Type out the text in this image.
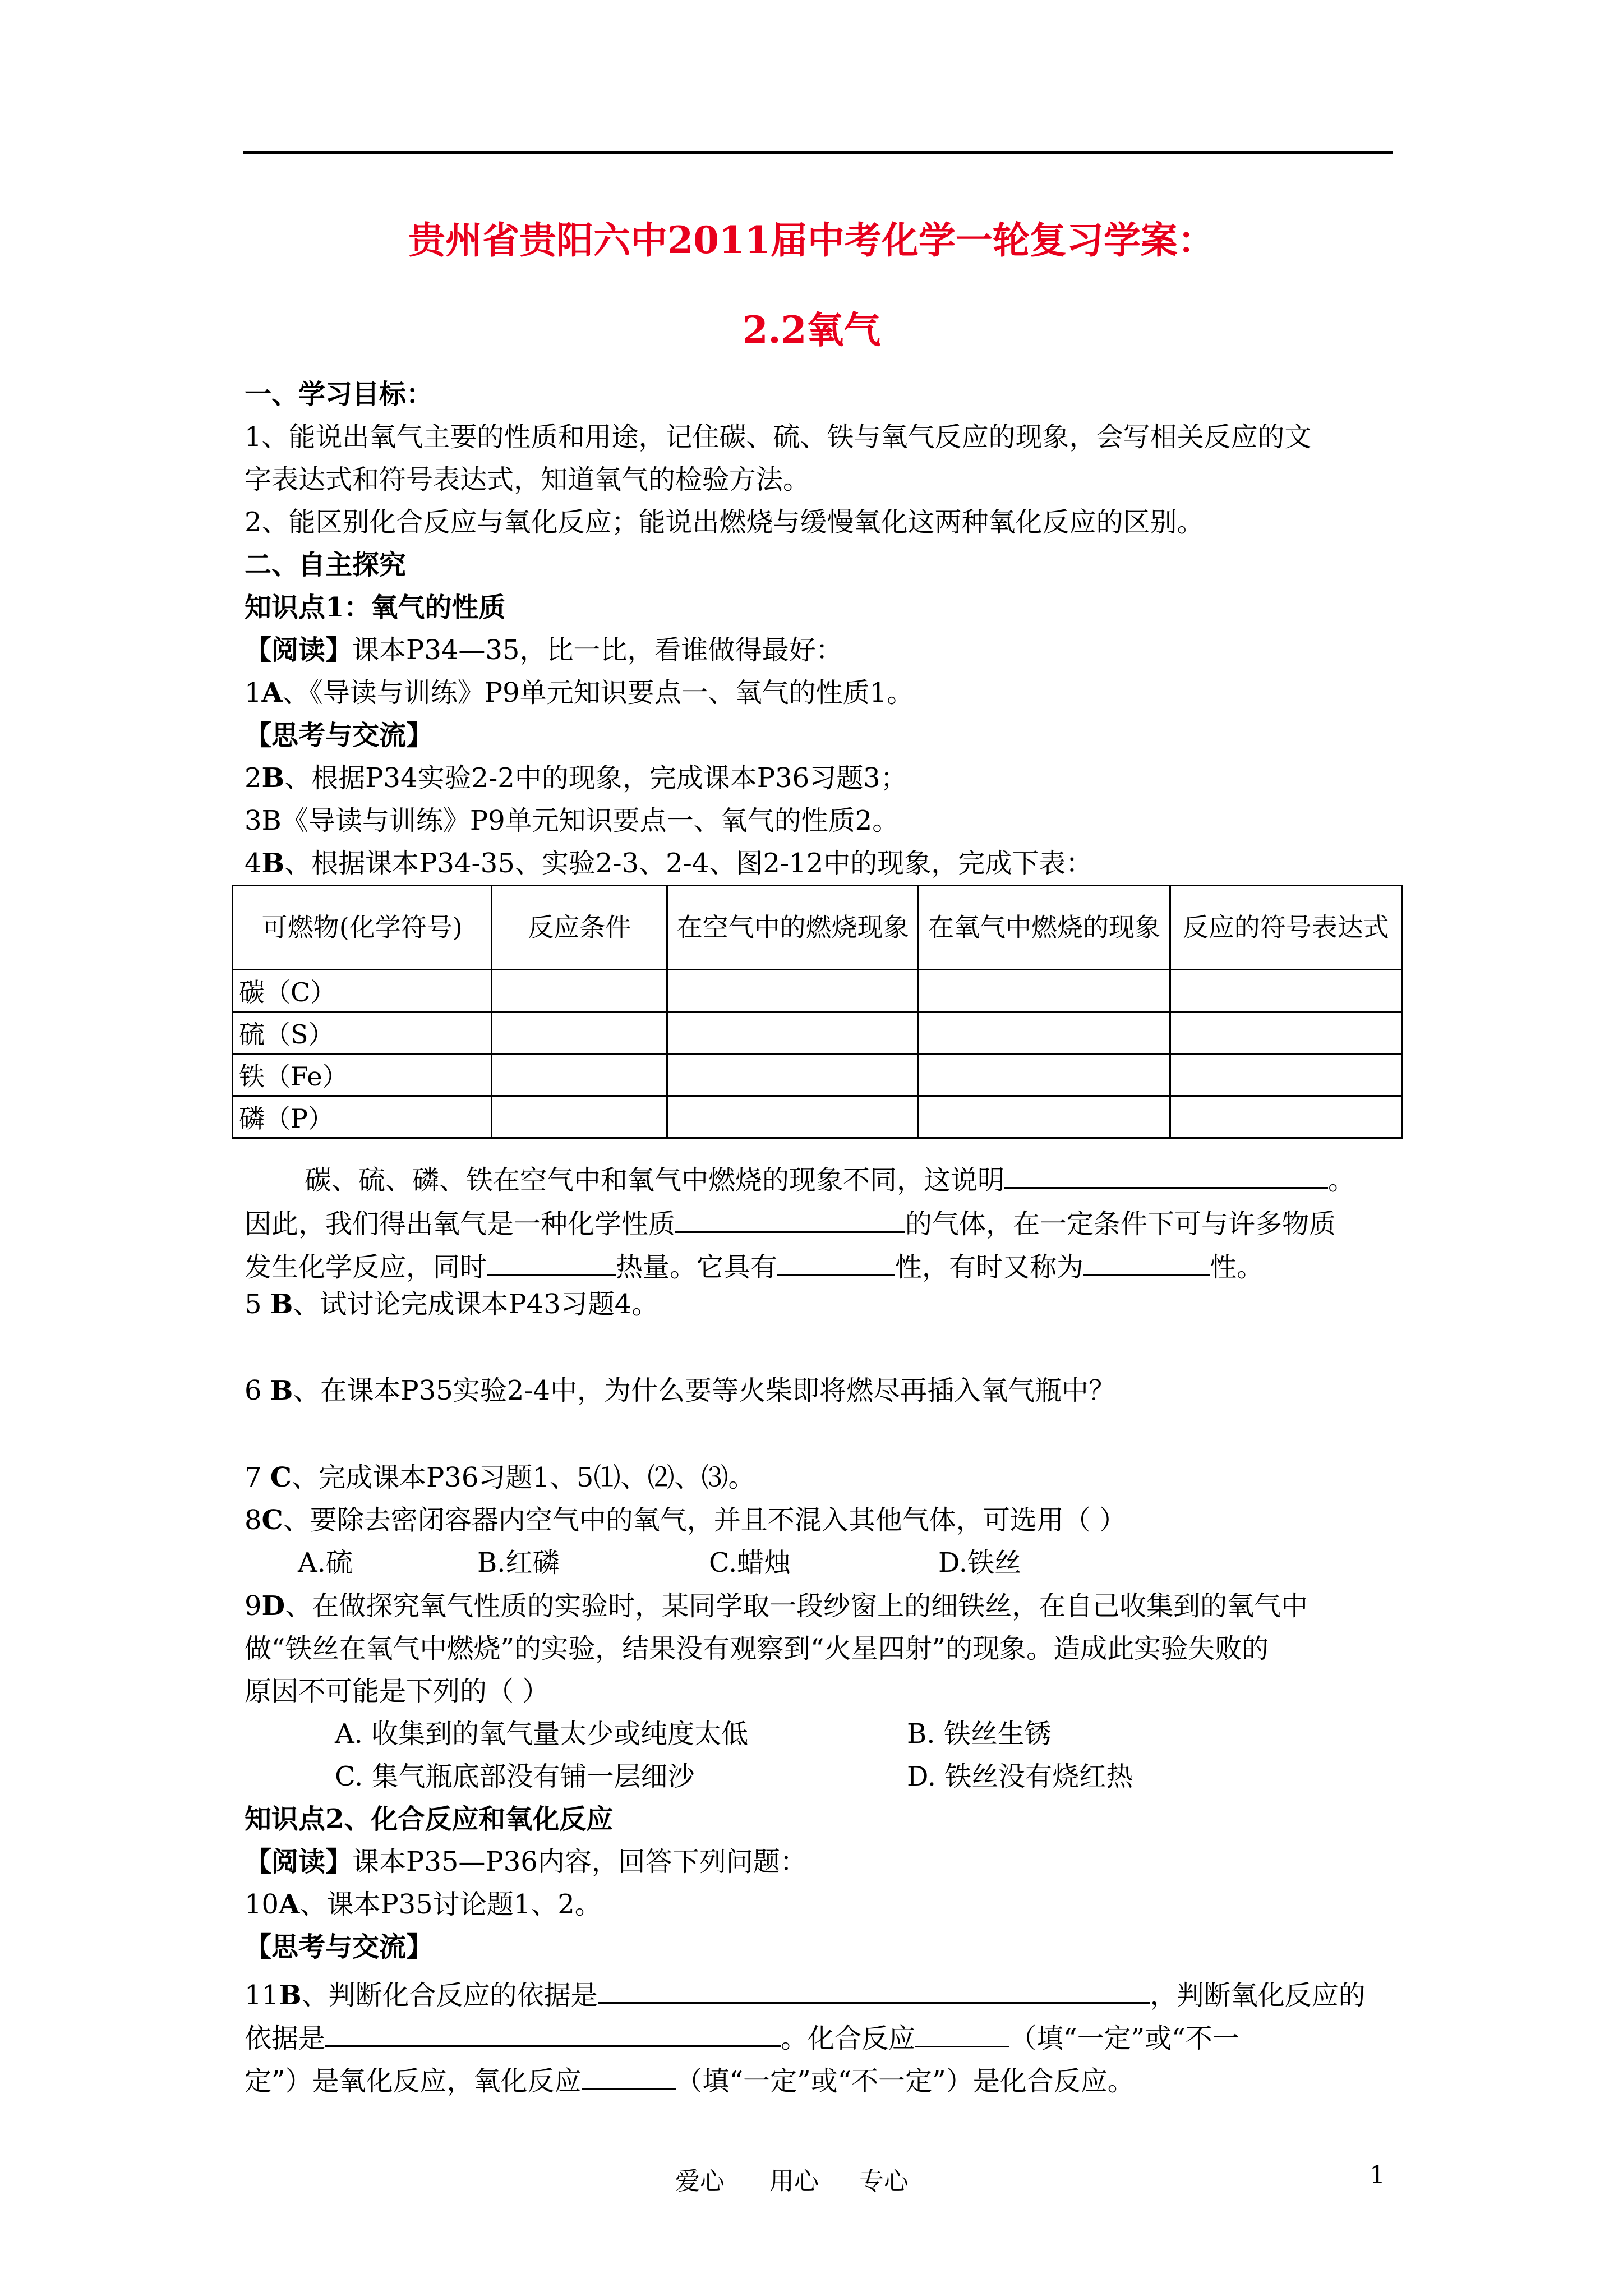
贵州省贵阳六中2011届中考化学一轮复习学案：
2.2氧气
一、学习目标：
1、能说出氧气主要的性质和用途，记住碳、硫、铁与氧气反应的现象，会写相关反应的文
字表达式和符号表达式，知道氧气的检验方法。
2、能区别化合反应与氧化反应；能说出燃烧与缓慢氧化这两种氧化反应的区别。
二、自主探究
知识点1：氧气的性质
【阅读】课本P34—35，比一比，看谁做得最好：
1A、《导读与训练》P9单元知识要点一、氧气的性质1。
【思考与交流】
2B、根据P34实验2-2中的现象，完成课本P36习题3；
3B《导读与训练》P9单元知识要点一、氧气的性质2。
4B、根据课本P34-35、实验2-3、2-4、图2-12中的现象，完成下表：
可燃物(化学符号)	反应条件	在空气中的燃烧现象	在氧气中燃烧的现象	反应的符号表达式
碳（C）				
硫（S）				
铁（Fe）				
磷（P）				
碳、硫、磷、铁在空气中和氧气中燃烧的现象不同，这说明	。
因此，我们得出氧气是一种化学性质	的气体，在一定条件下可与许多物质
发生化学反应，同时	热量。它具有	性，有时又称为	性。
5 B、试讨论完成课本P43习题4。
6 B、在课本P35实验2-4中，为什么要等火柴即将燃尽再插入氧气瓶中？
7 C、完成课本P36习题1、5⑴、⑵、⑶。
8C、要除去密闭容器内空气中的氧气，并且不混入其他气体，可选用（ ）
A.硫	B.红磷	C.蜡烛	D.铁丝
9D、在做探究氧气性质的实验时，某同学取一段纱窗上的细铁丝，在自己收集到的氧气中
做“铁丝在氧气中燃烧”的实验，结果没有观察到“火星四射”的现象。造成此实验失败的
原因不可能是下列的（ ）
A. 收集到的氧气量太少或纯度太低	B. 铁丝生锈
C. 集气瓶底部没有铺一层细沙	D. 铁丝没有烧红热
知识点2、化合反应和氧化反应
【阅读】课本P35—P36内容，回答下列问题：
10A、课本P35讨论题1、2。
【思考与交流】
11B、判断化合反应的依据是	，判断氧化反应的
依据是	。化合反应	（填“一定”或“不一
定”）是氧化反应，氧化反应	（填“一定”或“不一定”）是化合反应。
爱心 用心 专心	1
